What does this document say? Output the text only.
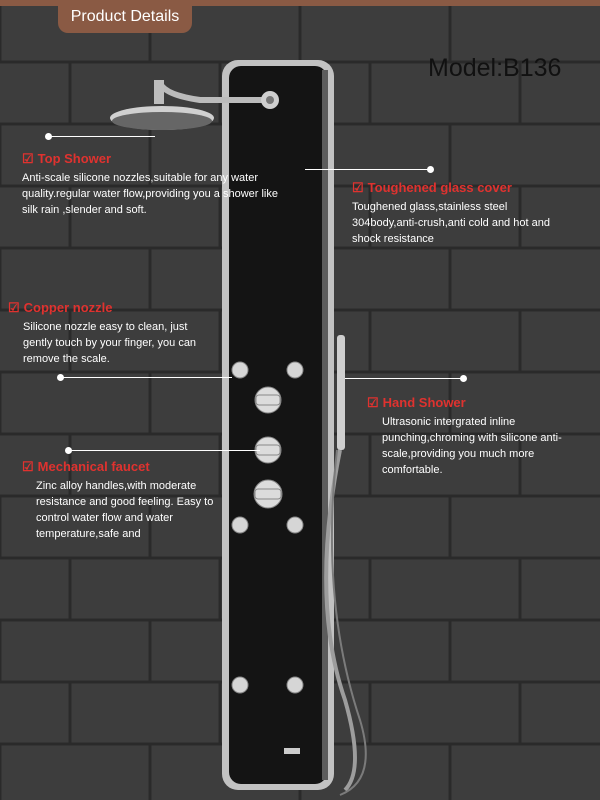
Product Details
Model:B136
☑ Top Shower
Anti-scale silicone nozzles,suitable for any water quality.regular water flow,providing you a shower like silk rain ,slender and soft.
☑ Toughened glass cover
Toughened glass,stainless steel 304body,anti-crush,anti cold and hot and shock resistance
☑ Copper nozzle
Silicone nozzle easy to clean, just gently touch by your finger, you can remove the scale.
☑ Hand Shower
Ultrasonic intergrated inline punching,chroming with silicone anti-scale,providing you much more comfortable.
☑ Mechanical faucet
Zinc alloy handles,with moderate resistance and good feeling. Easy to control water flow and water temperature,safe and
